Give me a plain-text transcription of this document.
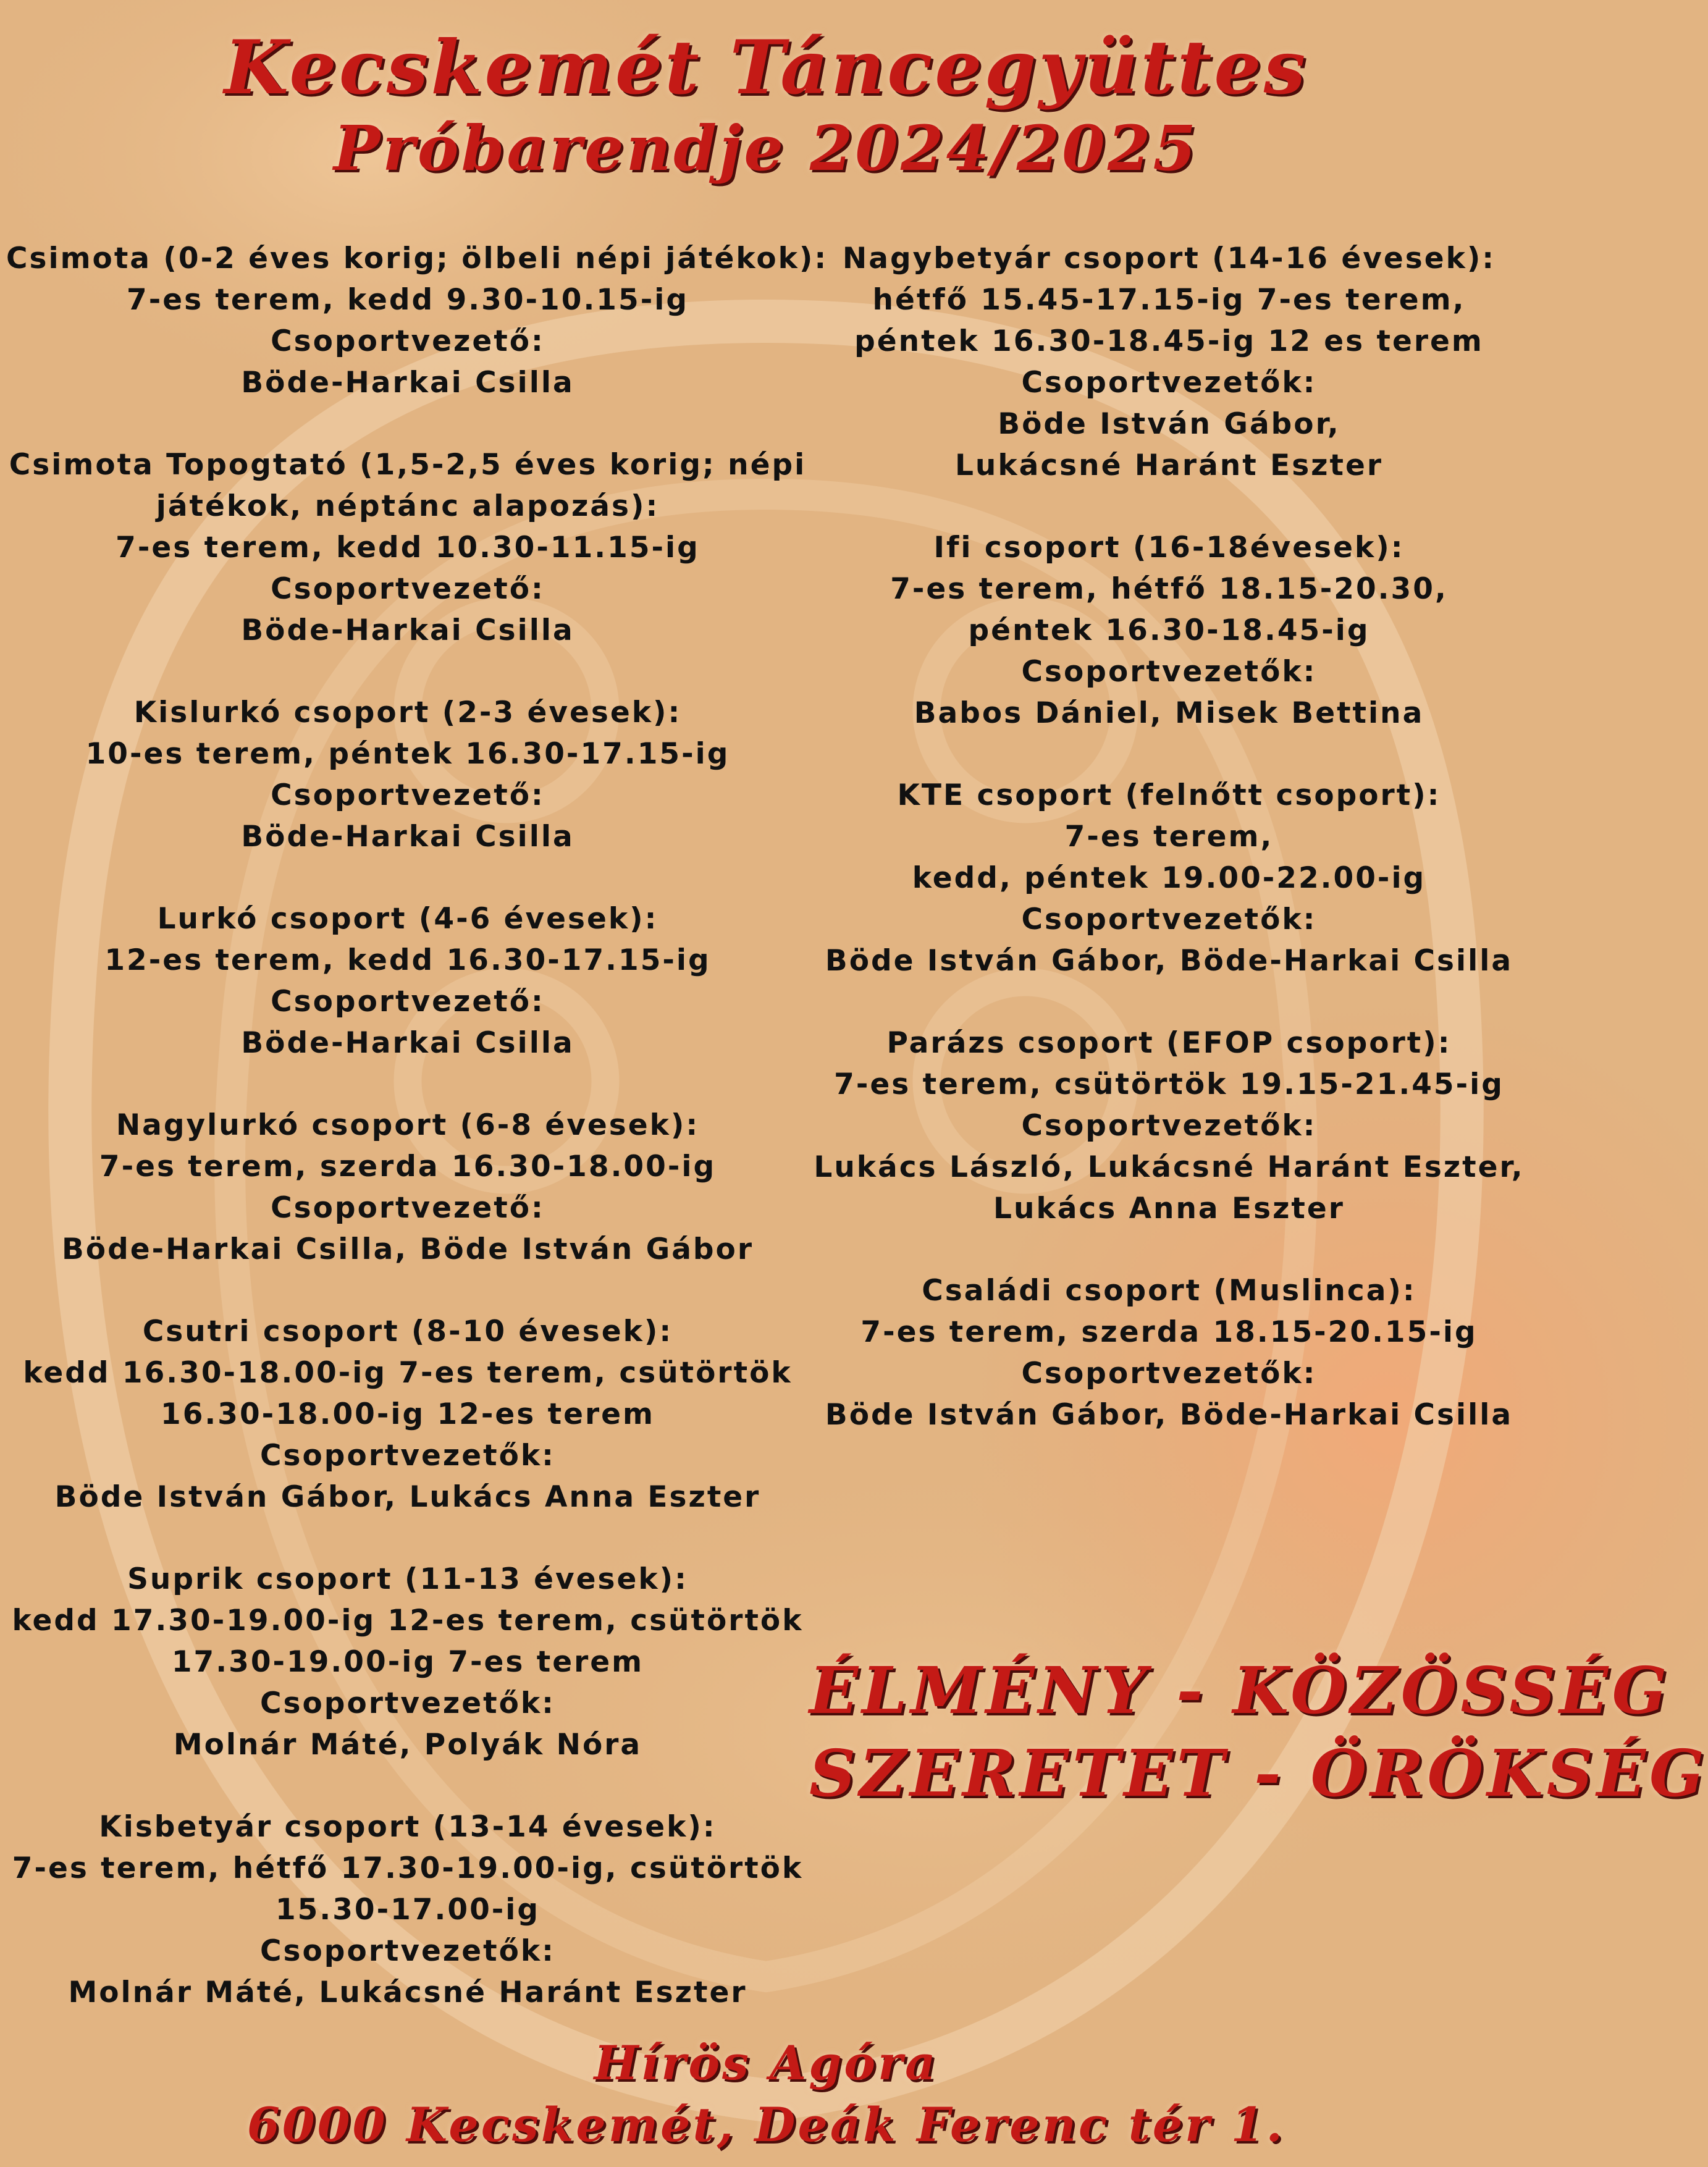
Kecskemét Táncegyüttes
Próbarendje 2024/2025
Csimota (0-2 éves korig; ölbeli népi játékok):
7-es terem, kedd 9.30-10.15-ig
Csoportvezető:
Böde-Harkai Csilla
Csimota Topogtató (1,5-2,5 éves korig; népi
játékok, néptánc alapozás):
7-es terem, kedd 10.30-11.15-ig
Csoportvezető:
Böde-Harkai Csilla
Kislurkó csoport (2-3 évesek):
10-es terem, péntek 16.30-17.15-ig
Csoportvezető:
Böde-Harkai Csilla
Lurkó csoport (4-6 évesek):
12-es terem, kedd 16.30-17.15-ig
Csoportvezető:
Böde-Harkai Csilla
Nagylurkó csoport (6-8 évesek):
7-es terem, szerda 16.30-18.00-ig
Csoportvezető:
Böde-Harkai Csilla, Böde István Gábor
Csutri csoport (8-10 évesek):
kedd 16.30-18.00-ig 7-es terem, csütörtök
16.30-18.00-ig 12-es terem
Csoportvezetők:
Böde István Gábor, Lukács Anna Eszter
Suprik csoport (11-13 évesek):
kedd 17.30-19.00-ig 12-es terem, csütörtök
17.30-19.00-ig 7-es terem
Csoportvezetők:
Molnár Máté, Polyák Nóra
Kisbetyár csoport (13-14 évesek):
7-es terem, hétfő 17.30-19.00-ig, csütörtök
15.30-17.00-ig
Csoportvezetők:
Molnár Máté, Lukácsné Haránt Eszter
Nagybetyár csoport (14-16 évesek):
hétfő 15.45-17.15-ig 7-es terem,
péntek 16.30-18.45-ig 12 es terem
Csoportvezetők:
Böde István Gábor,
Lukácsné Haránt Eszter
Ifi csoport (16-18évesek):
7-es terem, hétfő 18.15-20.30,
péntek 16.30-18.45-ig
Csoportvezetők:
Babos Dániel, Misek Bettina
KTE csoport (felnőtt csoport):
7-es terem,
kedd, péntek 19.00-22.00-ig
Csoportvezetők:
Böde István Gábor, Böde-Harkai Csilla
Parázs csoport (EFOP csoport):
7-es terem, csütörtök 19.15-21.45-ig
Csoportvezetők:
Lukács László, Lukácsné Haránt Eszter,
Lukács Anna Eszter
Családi csoport (Muslinca):
7-es terem, szerda 18.15-20.15-ig
Csoportvezetők:
Böde István Gábor, Böde-Harkai Csilla
ÉLMÉNY - KÖZÖSSÉG
SZERETET - ÖRÖKSÉG
Hírös Agóra
6000 Kecskemét, Deák Ferenc tér 1.
